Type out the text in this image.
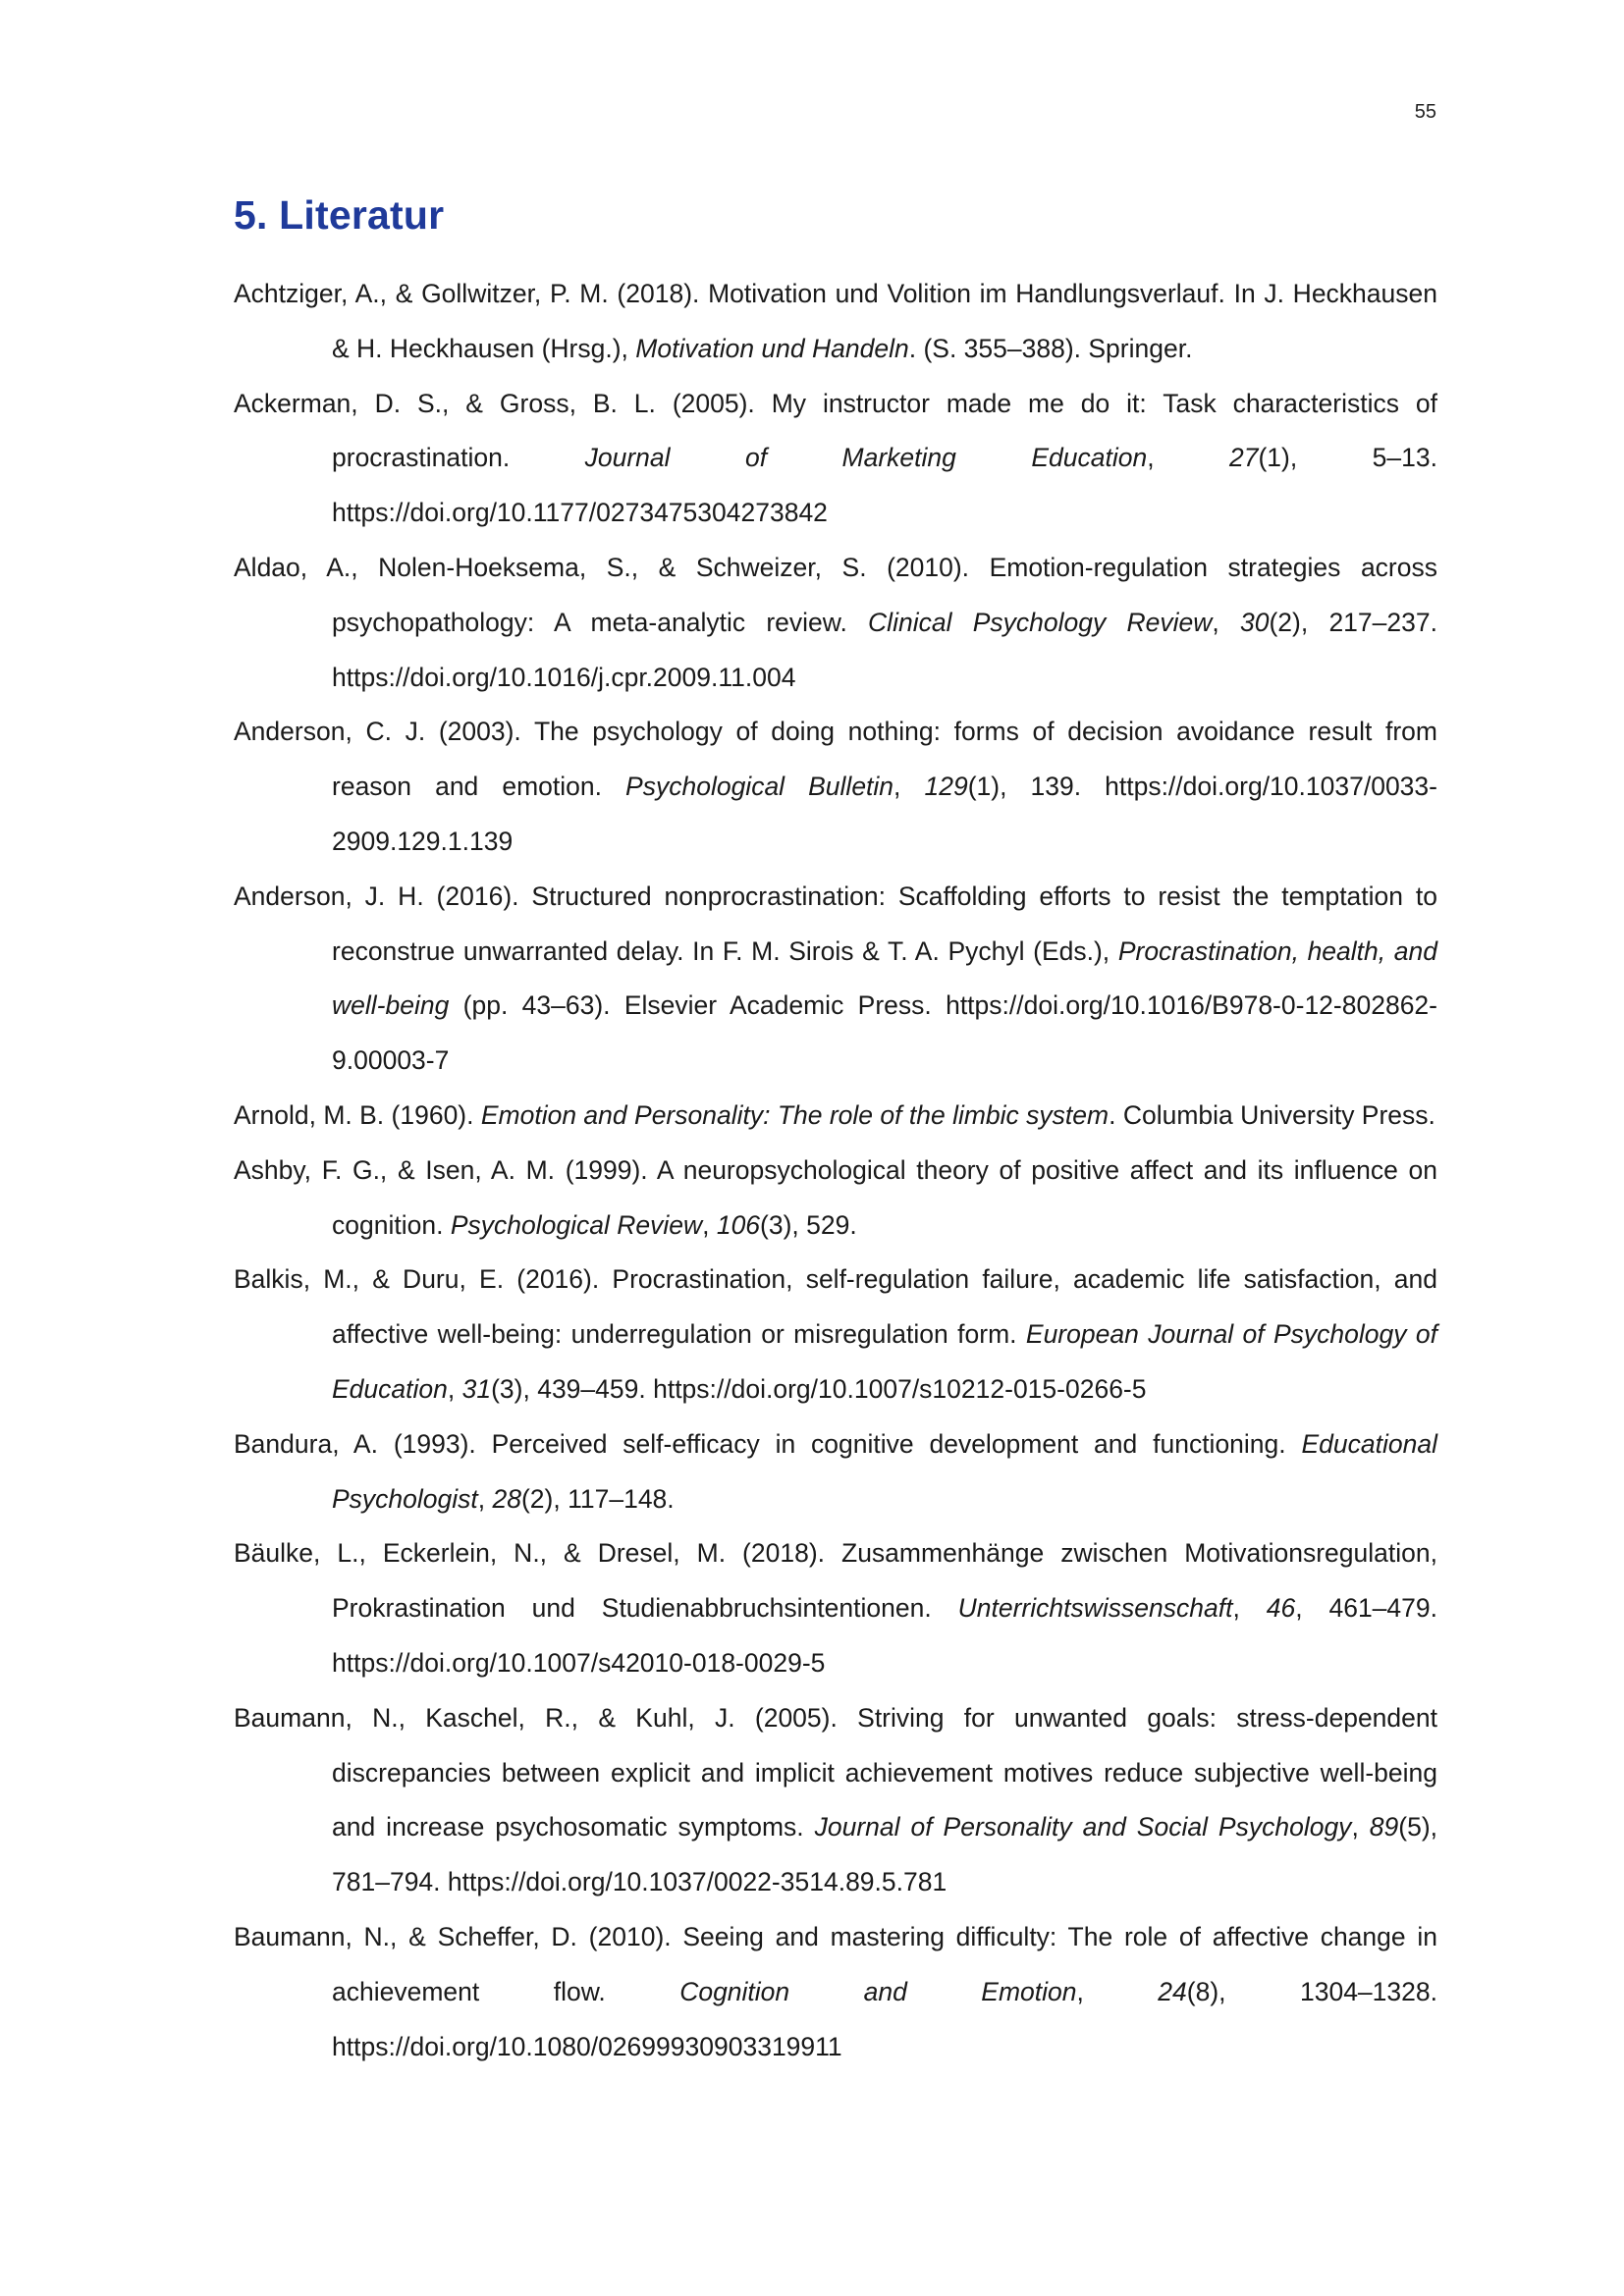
55
5. Literatur
Achtziger, A., & Gollwitzer, P. M. (2018). Motivation und Volition im Handlungsverlauf. In J. Heckhausen & H. Heckhausen (Hrsg.), Motivation und Handeln. (S. 355–388). Springer.
Ackerman, D. S., & Gross, B. L. (2005). My instructor made me do it: Task characteristics of procrastination. Journal of Marketing Education, 27(1), 5–13. https://doi.org/10.1177/0273475304273842
Aldao, A., Nolen-Hoeksema, S., & Schweizer, S. (2010). Emotion-regulation strategies across psychopathology: A meta-analytic review. Clinical Psychology Review, 30(2), 217–237. https://doi.org/10.1016/j.cpr.2009.11.004
Anderson, C. J. (2003). The psychology of doing nothing: forms of decision avoidance result from reason and emotion. Psychological Bulletin, 129(1), 139. https://doi.org/10.1037/0033-2909.129.1.139
Anderson, J. H. (2016). Structured nonprocrastination: Scaffolding efforts to resist the temptation to reconstrue unwarranted delay. In F. M. Sirois & T. A. Pychyl (Eds.), Procrastination, health, and well-being (pp. 43–63). Elsevier Academic Press. https://doi.org/10.1016/B978-0-12-802862-9.00003-7
Arnold, M. B. (1960). Emotion and Personality: The role of the limbic system. Columbia University Press.
Ashby, F. G., & Isen, A. M. (1999). A neuropsychological theory of positive affect and its influence on cognition. Psychological Review, 106(3), 529.
Balkis, M., & Duru, E. (2016). Procrastination, self-regulation failure, academic life satisfaction, and affective well-being: underregulation or misregulation form. European Journal of Psychology of Education, 31(3), 439–459. https://doi.org/10.1007/s10212-015-0266-5
Bandura, A. (1993). Perceived self-efficacy in cognitive development and functioning. Educational Psychologist, 28(2), 117–148.
Bäulke, L., Eckerlein, N., & Dresel, M. (2018). Zusammenhänge zwischen Motivationsregulation, Prokrastination und Studienabbruchsintentionen. Unterrichtswissenschaft, 46, 461–479. https://doi.org/10.1007/s42010-018-0029-5
Baumann, N., Kaschel, R., & Kuhl, J. (2005). Striving for unwanted goals: stress-dependent discrepancies between explicit and implicit achievement motives reduce subjective well-being and increase psychosomatic symptoms. Journal of Personality and Social Psychology, 89(5), 781–794. https://doi.org/10.1037/0022-3514.89.5.781
Baumann, N., & Scheffer, D. (2010). Seeing and mastering difficulty: The role of affective change in achievement flow. Cognition and Emotion, 24(8), 1304–1328. https://doi.org/10.1080/02699930903319911
